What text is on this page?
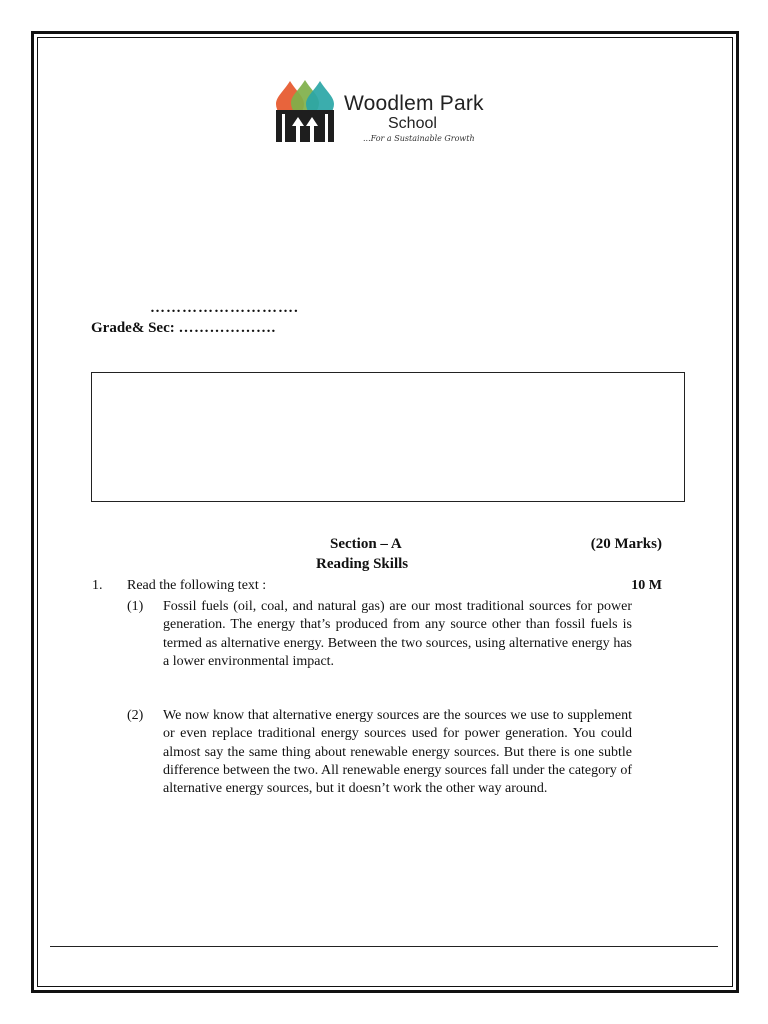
Woodlem Park
School
...For a Sustainable Growth
……………………….
Grade& Sec: ……………….
Section – A	(20 Marks)
Reading Skills
1. Read the following text :	10 M
(1) Fossil fuels (oil, coal, and natural gas) are our most traditional sources for power generation. The energy that’s produced from any source other than fossil fuels is termed as alternative energy. Between the two sources, using alternative energy has a lower environmental impact.
(2) We now know that alternative energy sources are the sources we use to supplement or even replace traditional energy sources used for power generation. You could almost say the same thing about renewable energy sources. But there is one subtle difference between the two. All renewable energy sources fall under the category of alternative energy sources, but it doesn’t work the other way around.
